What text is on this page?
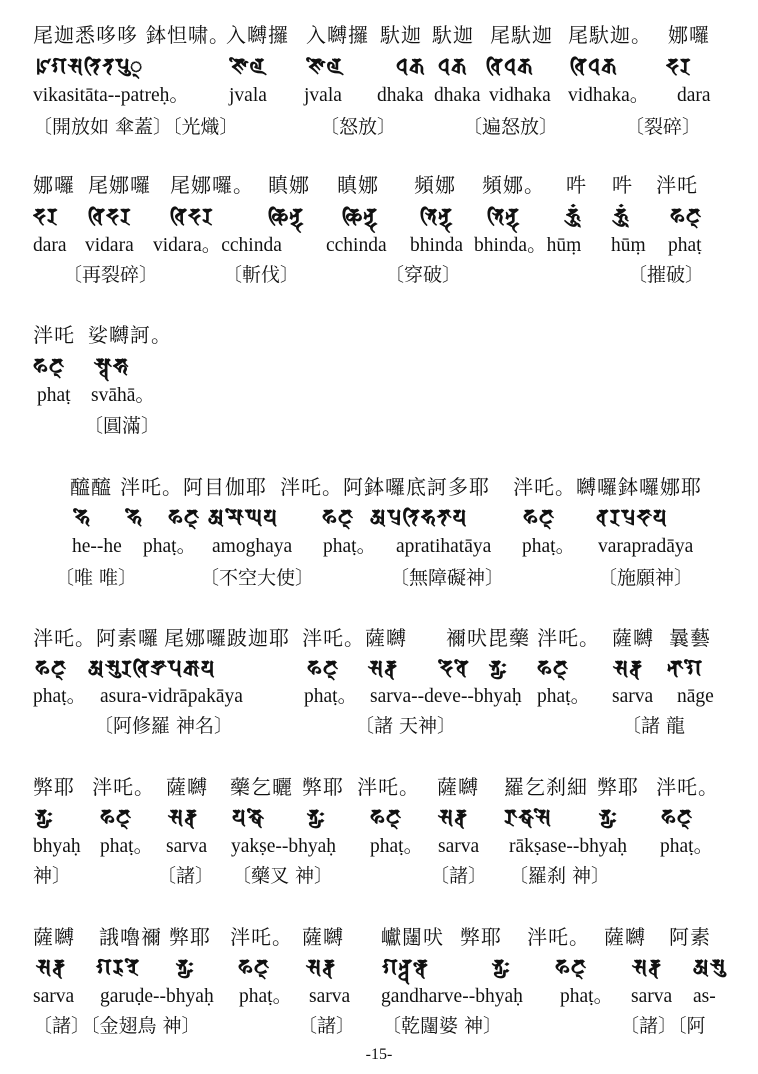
尾迦悉哆哆 鉢怛啸。
入嚩攞 入嚩攞 馱迦 馱迦 尾馱迦 尾馱迦。 娜囉
ꡜ𑖐𑖭𑖝𑖰𑖝𑖢𑖲𑖿	𑖕𑖺𑖩 𑖕𑖺𑖩 𑖠𑖎 𑖠𑖎 𑖪𑖰𑖠𑖎 𑖪𑖰𑖠𑖎 𑖟𑖨
vikasitāta--patreḥ。 jvala jvala dhaka dhaka vidhaka vidhaka。 dara
〔開放如 傘蓋〕〔光熾〕	〔怒放〕	〔遍怒放〕	〔裂碎〕
娜囉 尾娜囉 尾娜囉。 瞋娜 瞋娜 頻娜 頻娜。 吽 吽 泮吒
𑖟𑖨 𑖪𑖰𑖟𑖨 𑖪𑖰𑖟𑖨	𑖔𑖰𑖡𑖿𑖟 𑖔𑖰𑖡𑖿𑖟 𑖥𑖰𑖡𑖿𑖟 𑖥𑖰𑖡𑖿𑖟 𑖮𑖳𑖽 𑖮𑖳𑖽 𑖣𑖘𑖿
dara vidara vidara。cchinda cchinda bhinda bhinda。hūṃ hūṃ phaṭ
〔再裂碎〕	〔斬伐〕	〔穿破〕	〔摧破〕
泮吒 娑嚩訶。
𑖣𑖘𑖿 𑖭𑖿𑖪𑖯𑖮𑖯
phaṭ svāhā。
〔圓滿〕
醯醯 泮吒。阿目伽耶 泮吒。阿鉢囉底訶多耶 泮吒。嚩囉鉢囉娜耶
𑖮𑖸 𑖮𑖸 𑖣𑖘𑖿 𑖀𑖦𑖺𑖑𑖧 𑖣𑖘𑖿 𑖀𑖢𑖿𑖨𑖝𑖰𑖮𑖝𑖯𑖧	𑖣𑖘𑖿 𑖪𑖨𑖢𑖿𑖨𑖟𑖯𑖧
he--he phaṭ。 amoghaya phaṭ。 apratihatāya phaṭ。 varapradāya
〔唯 唯〕	〔不空大使〕	〔無障礙神〕	〔施願神〕
泮吒。阿素囉 尾娜囉跛迦耶 泮吒。薩嚩 禰吠 毘藥 泮吒。 薩嚩 曩藝
𑖣𑖘𑖿 𑖀𑖭𑖲𑖨𑖪𑖰𑖟𑖿𑖨𑖯𑖢𑖎𑖯𑖧	𑖣𑖘𑖿 𑖭𑖨𑖿𑖪 𑖟𑖸𑖪𑖸 𑖥𑖿𑖧𑖾 𑖣𑖘𑖿 𑖭𑖨𑖿𑖪 𑖡𑖯𑖐𑖸
phaṭ。 asura-vidrāpakāya	phaṭ。 sarva--deve--bhyaḥ phaṭ。 sarva nāge
〔阿修羅 神名〕	〔諸 天神〕	〔諸 龍
弊耶 泮吒。 薩嚩 藥乞曬 弊耶 泮吒。 薩嚩 羅乞刹細 弊耶 泮吒。
𑖥𑖿𑖧𑖾 𑖣𑖘𑖿 𑖭𑖨𑖿𑖪 𑖧𑖎𑖿𑖬𑖸 𑖥𑖿𑖧𑖾 𑖣𑖘𑖿 𑖭𑖨𑖿𑖪 𑖨𑖯𑖎𑖿𑖬𑖭𑖸 𑖥𑖿𑖧𑖾 𑖣𑖘𑖿
bhyaḥ phaṭ。 sarva yakṣe--bhyaḥ phaṭ。 sarva rākṣase--bhyaḥ phaṭ。
神〕	〔諸〕 〔藥叉 神〕	〔諸〕 〔羅刹 神〕
薩嚩 誐嚕禰 弊耶 泮吒。 薩嚩 巘闥吠 弊耶 泮吒。 薩嚩 阿素
𑖭𑖨𑖿𑖪 𑖐𑖨𑖲𑖚𑖸 𑖥𑖿𑖧𑖾 𑖣𑖘𑖿 𑖭𑖨𑖿𑖪 𑖐𑖡𑖿𑖠𑖨𑖿𑖪𑖸	𑖥𑖿𑖧𑖾 𑖣𑖘𑖿 𑖭𑖨𑖿𑖪 𑖀𑖭𑖲
sarva garuḍe--bhyaḥ phaṭ。 sarva gandharve--bhyaḥ phaṭ。 sarva as-
〔諸〕〔金翅鳥 神〕	〔諸〕 〔乾闥婆 神〕	〔諸〕〔阿
-15-
